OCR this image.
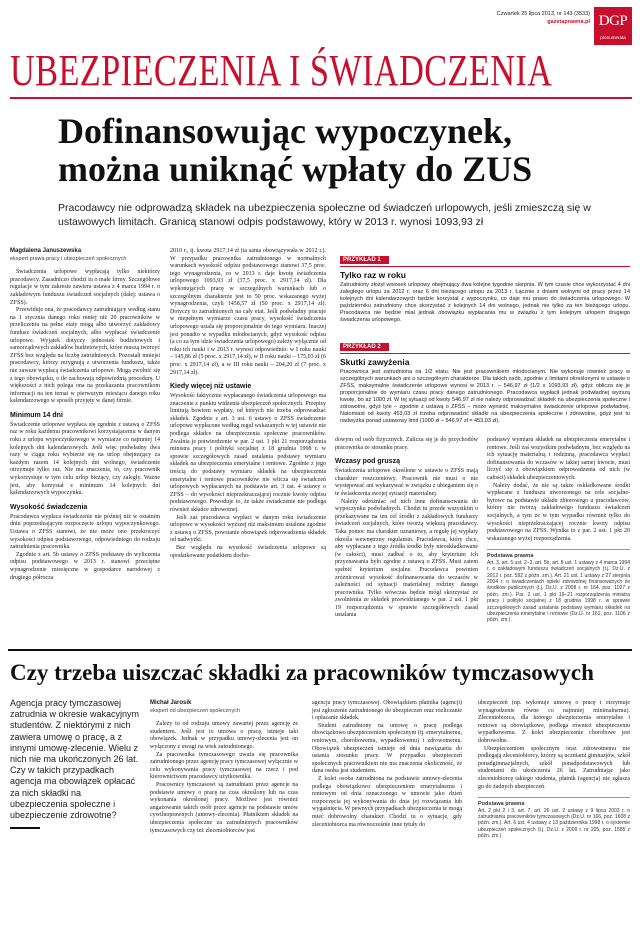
Czwartek 25 lipca 2013, nr 143 (3533)
gazetaprawna.pl DGP
prenumerata
UBEZPIECZENIA I ŚWIADCZENIA
Dofinansowując wypoczynek, można uniknąć wpłaty do ZUS
Pracodawcy nie odprowadzą składek na ubezpieczenia społeczne od świadczeń urlopowych, jeśli zmieszczą się w ustawowych limitach. Granicą stanowi odpis podstawowy, który w 2013 r. wynosi 1093,93 zł
Magdalena Januszewska
ekspert prawa pracy i ubezpieczeń społecznych

Świadczenia urlopowe wypłacają tylko niektórzy pracodawcy. Zasadniczo chodzi tu o małe firmy. Szczegółowe regulacje w tym zakresie zawiera ustawa z 4 marca 1994 r. o zakładowym funduszu świadczeń socjalnych (dalej: ustawa o ZFŚS).

Przewiduje ona, że pracodawcy zatrudniający według stanu na 1 stycznia danego roku mniej niż 20 pracowników w przeliczeniu na pełne etaty mogą albo utworzyć zakładowy fundusz świadczeń socjalnych, albo wypłacać świadczenie urlopowe. Wyjątek dotyczy jednostek budżetowych i samorządowych zakładów budżetowych, które muszą tworzyć ZFŚS bez względu na liczbę zatrudnionych. Pozostali mniejsi pracodawcy, którzy rezygnują z utworzenia funduszu, także nie zawsze wypłacą świadczenia urlopowe. Mogą zwolnić się z tego obowiązku, o ile zachowają odpowiednią procedurę. U większości z nich polega ona na przekazaniu pracownikom informacji na ten temat w pierwszym miesiącu danego roku kalendarzowego w sposób przyjęty w danej firmie.

Minimum 14 dni

Świadczenie urlopowe wypłaca się zgodnie z ustawą o ZFŚS raz w roku każdemu pracownikowi korzystającemu w danym roku z urlopu wypoczynkowego w wymiarze co najmniej 14 kolejnych dni kalendarzowych. Jeśli więc podwładny dwa razy w ciągu roku wybierze się na urlop obejmujący za każdym razem 14 kolejnych dni wolnego, świadczenie otrzymuje tylko raz. Nie ma znaczenia, to, czy pracownik wykorzystuje w tym celu urlop bieżący, czy zaległy. Ważne jest, aby korzystał z minimum 14 kolejnych dni kalendarzowych wypoczynku.

Wysokość świadczenia

Pracodawca wypłaca świadczenie nie później niż w ostatnim dniu poprzedzającym rozpoczęcie urlopu wypoczynkowego. Ustawa o ZFŚS stanowi, że nie może ono przekroczyć wysokości odpisu podstawowego, odpowiedniego do rodzaju zatrudnienia pracownika.

Zgodnie z art. 5b ustawy o ZFŚS podstawę do wyliczenia odpisu podstawowego w 2013 r. stanowi przeciętne wynagrodzenie miesięczne w gospodarce narodowej z drugiego półrocza

2010 r., tj. kwota 2917,14 zł (ta sama obowiązywała w 2012 r.). W przypadku pracownika zatrudnionego w normalnych warunkach wysokość odpisu podstawowego stanowi 37,5 proc. tego wynagrodzenia, co w 2013 r. daje kwotę świadczenia urlopowego 1093,93 zł (37,5 proc. x 2917,14 zł). Dla wykonujących pracę w szczególnych warunkach lub o szczególnym charakterze jest to 50 proc. wskazanego wyżej wynagrodzenia, czyli 1458,57 zł (50 proc. x 2917,14 zł). Dotyczy to zatrudnionych na cały etat. Jeśli podwładny pracuje w niepełnym wymiarze czasu pracy, wysokość świadczenia urlopowego ustala się proporcjonalnie do tego wymiaru. Inaczej jest ponadto w wypadku młodocianych, gdyż wysokość odpisu (a co za tym idzie świadczenia urlopowego) zależy wyłącznie od roku ich nauki i w 2013 r. wynosi odpowiednio: w I roku nauki – 145,86 zł (5 proc. x 2917,14 zł), w II roku nauki – 175,03 zł (6 proc. x 2917,14 zł), a w III roku nauki – 204,20 zł (7 proc. x 2917,14 zł).

Kiedy więcej niż ustawie

Wysokość faktycznie wypłacanego świadczenia urlopowego ma znaczenie z punktu widzenia ubezpieczeń społecznych. Przepisy limitują bowiem wypłaty, od których nie trzeba odprowadzać składek. Zgodnie z art. 3 ust. 6 ustawy o ZFŚS świadczenie urlopowe wypłacone według reguł wskazanych w tej ustawie nie podlega składce na ubezpieczenia społeczne pracowników. Zwalnia je potwierdzenie w par. 2 ust. 1 pkt 21 rozporządzenia ministra pracy i polityki socjalnej z 18 grudnia 1998 r. w sprawie szczegółowych zasad ustalania podstawy wymiaru składek na ubezpieczenia emerytalne i rentowe. Zgodnie z jego treścią do podstawy wymiaru składek na ubezpieczenia emerytalne i rentowe pracowników nie wlicza się świadczeń urlopowych wypłacanych na podstawie art. 3 ust. 4 ustawy o ZFŚS – do wysokości nieprzekraczającej rocznie kwoty odpisu podstawowego. Powoduje to, że także świadczenie nie podlega również składce zdrowotnej.

Jeśli zaś pracodawca wypłaci w danym roku świadczenie urlopowe w wysokości wyższej niż maksimum ustalone zgodnie z ustawą o ZFŚS, powstanie obowiązek odprowadzenia składek od nadwyżki.

Bez względu na wysokość świadczenia urlopowe są opodatkowane podatkiem docho-

PRZYKŁAD 1
Tylko raz w roku
Zatrudniony złożył wniosek urlopowy obejmujący dwa kolejne tygodnie sierpnia. W tym czasie chce wykorzystać 4 dni zaległego urlopu za 2012 r. oraz 6 dni bieżącego urlopu za 2013 r. Łącznie z dniami wolnymi od pracy przez 14 kolejnych dni kalendarzowych będzie korzystał z wypoczynku, co daje mu prawo do świadczenia urlopowego. W październiku zatrudniony chce skorzystać z kolejnych 14 dni wolnego, jednak nie tylko za ten bieżącego urlopu. Pracodawca nie będzie miał jednak obowiązku wypłacania mu w związku z tym kolejnym urlopem drugiego świadczenia urlopowego.
PRZYKŁAD 2
Skutki zawyżenia
Pracownica jest zatrudniona na 1/2 etatu. Nie jest pracownikiem młodocianym. Nie wykonuje również pracy w szczególnych warunkach ani o szczególnym charakterze. Dla takich osób, zgodnie z limitami określonymi w ustawie o ZFŚS, maksymalne świadczenie urlopowe wynosi w 2013 r. – 546,97 zł (1/2 x 1093,93 zł), gdyż oblicza się je proporcjonalnie do wymiaru czasu pracy danego zatrudnionego. Pracodawca wypłacił jednak podwładnej wyższą kwotę, bo aż 1000 zł. W tej sytuacji od kwoty 546,97 zł nie należy odprowadzać składek na ubezpieczenia społeczne i zdrowotne, gdyż tyle – zgodnie z ustawą o ZFŚS – może wynieść maksymalne świadczenie urlopowe podwładnej. Natomiast od kwoty 453,03 zł trzeba odprowadzić składki na ubezpieczenia społeczne i zdrowotne, gdyż jest to nadwyżka ponad ustawowy limit (1000 zł – 546,97 zł = 453,03 zł).

dowym od osób fizycznych. Zalicza się je do przychodów pracownika ze stosunku pracy.

Wczasy pod gruszą

Świadczenia urlopowe określone w ustawie o ZFŚS mają charakter roszczeniowy. Pracownik nie musi o nie występować ani wykazywać w związku z ubieganiem się o te świadczenia swojej sytuacji materialnej.

Należy odróżniać od nich inne dofinansowania do wypoczynku podwładnych. Chodzi tu przede wszystkim o przekazywane na ten cel środki z zakładowych funduszy świadczeń socjalnych, które tworzą większą pracodawcy. Taka pomoc ma charakter uznaniowy, a regułę jej wypłaty określa wewnętrzny regulamin. Pracodawca, który chce, aby wypłacane z tego źródła środki były nieoskładkowane (w całości), musi zadbać o to, aby kryterium ich przyznawania było zgodne z ustawą o ZFŚS. Musi zatem spełnić kryterium socjalne. Pracodawca powinien zróżnicować wysokość dofinansowania do wczasów w zależności od sytuacji materialnej rodziny danego pracownika. Tylko wówczas będzie mógł skorzystać ze zwolnienia ze składek przewidzianego w par. 2 ust. 1 pkt 19 rozporządzenia w sprawie szczegółowych zasad ustalania

podstawy wymiaru składek na ubezpieczenia emerytalne i rentowe. Jeśli zaś wszystkim podwładnym, bez względu na ich sytuację materialną i rodzinną, pracodawca wypłaci dofinansowania do wczasów w takiej samej kwocie, musi liczyć się z obowiązkiem odprowadzenia od nich (w całości) składek ubezpieczeniowych.

Należy dodać, że nie są także oskładkowane środki wypłacane z funduszu utworzonego na cele socjalne-bytowe na podstawie układu zbiorowego u pracodawców, którzy nie tworzą zakładowego funduszu świadczeń socjalnych, a tym że w tym wypadku również tylko do wysokości nieprzekraczającej rocznie kwoty odpisu podstawowego na ZFŚS. Wynika to z par. 2 ust. 1 pkt 20 wskazanego wyżej rozporządzenia.

Podstawa prawna
Art. 3, art. 5 ust. 2–3, art. 5b, art. 8 ust. 1 ustawy z 4 marca 1994 r. o zakładowym funduszu świadczeń socjalnych (t.j. Dz.U. z 2012 r. poz. 592 z późn. zm.). Art. 21 ust. 1 ustawy z 27 sierpnia 2004 r. o świadczeniach opieki zdrowotnej finansowanych ze środków publicznych (t.j. Dz.U. z 2008 r. nr 164, poz. 1027 z późn. zm.). Par. 2 ust. 1 pkt 19–21 rozporządzenia ministra pracy i polityki socjalnej z 18 grudnia 1998 r. w sprawie szczegółowych zasad ustalania podstawy wymiaru składek na ubezpieczenia emerytalne i rentowe (Dz.U. nr 161, poz. 1106 z późn. zm.).
Czy trzeba uiszczać składki za pracowników tymczasowych
Agencja pracy tymczasowej zatrudnia w okresie wakacyjnym studentów. Z niektórymi z nich zawiera umowę o pracę, a z innymi umowę-zlecenie. Wielu z nich nie ma ukończonych 26 lat. Czy w takich przypadkach agencja ma obowiązek opłacać za nich składki na ubezpieczenia społeczne i ubezpieczenie zdrowotne?
Michał Jarosik
ekspert od ubezpieczeń społecznych

Zależy to od rodzaju umowy zawartej przez agencję ze studentem. Jeśli jest to umowa o pracę, istnieje taki obowiązek. Jednak w przypadku umowy-zlecenia jest on wyłączony z uwagi na wiek zatrudnionego.

Za pracownika tymczasowego uważa się pracownika zatrudnionego przez agencję pracy tymczasowej wyłącznie w celu wykonywania pracy tymczasowej na rzecz i pod kierownictwem pracodawcy użytkownika.

Pracownicy tymczasowi są zatrudniani przez agencje na podstawie umowy o pracę na czas określony lub na czas wykonania określonej pracy. Możliwe jest również angażowanie takich osób przez agencje na podstawie umów cywilnoprawnych (umowy-zlecenia). Płatnikiem składek na ubezpieczenia społeczne za zatrudnionych pracowników tymczasowych czy też zleceniobiorców jest

agencja pracy tymczasowej. Obowiązkiem płatnika (agencji) jest zgłoszenie zatrudnionego do ubezpieczeń oraz rozliczanie i opłacanie składek.

Student zatrudniony na umowę o pracę podlega obowiązkowo ubezpieczeniom społecznym (tj. emerytalnemu, rentowym, chorobowemu, wypadkowemu) i zdrowotnemu. Obowiązek ubezpieczeń istnieje od dnia nawiązania do ustania stosunku pracy. W przypadku ubezpieczeń społecznych pracownikiem nie ma znaczenia okoliczność, że dana osoba jest studentem.

Z kolei osoba zatrudniona na podstawie umowy-zlecenia podlega obowiązkowo ubezpieczeniom emerytalnemu i rentowym od dnia oznaczonego w umowie jako dzień rozpoczęcia jej wykonywania do dnia jej rozwiązania lub wygaśnięcia. W pewnych przypadkach ubezpieczenia te mogą mieć dobrowolny charakter. Chodzi tu o sytuacje, gdy zleceniobiorca ma równocześnie inne tytuły do

ubezpieczeń (np. wykonuje umowę o pracę i otrzymuje wynagrodzenie równe co najmniej minimalnemu). Zleceniobiorca, dla którego ubezpieczenia emerytalne i rentowe są obowiązkowe, podlega również ubezpieczeniu wypadkowemu. Z kolei ubezpieczenie chorobowe jest dobrowolne.

Ubezpieczeniom społecznym oraz zdrowotnemu nie podlegają zleceniobiorcy, którzy są uczniami gimnazjów, szkół ponadgimnazjalnych, szkół ponadpodstawowych lub studentami do ukończenia 26 lat. Zatrudniając jako zleceniobiorcę takiego studenta, płatnik (agencja) nie zgłasza go do żadnych ubezpieczeń.

Podstawa prawna
Art. 2 pkt 2 i 3, art. 7, art. 26 ust. 2 ustawy z 9 lipca 2003 r. o zatrudnianiu pracowników tymczasowych (Dz.U. nr 166, poz. 1608 z późn. zm.). Art. 6 ust. 4 ustawy z 13 października 1998 r. o systemie ubezpieczeń społecznych (t.j. Dz.U. z 2009 r. nr 205, poz. 1585 z późn. zm.).
